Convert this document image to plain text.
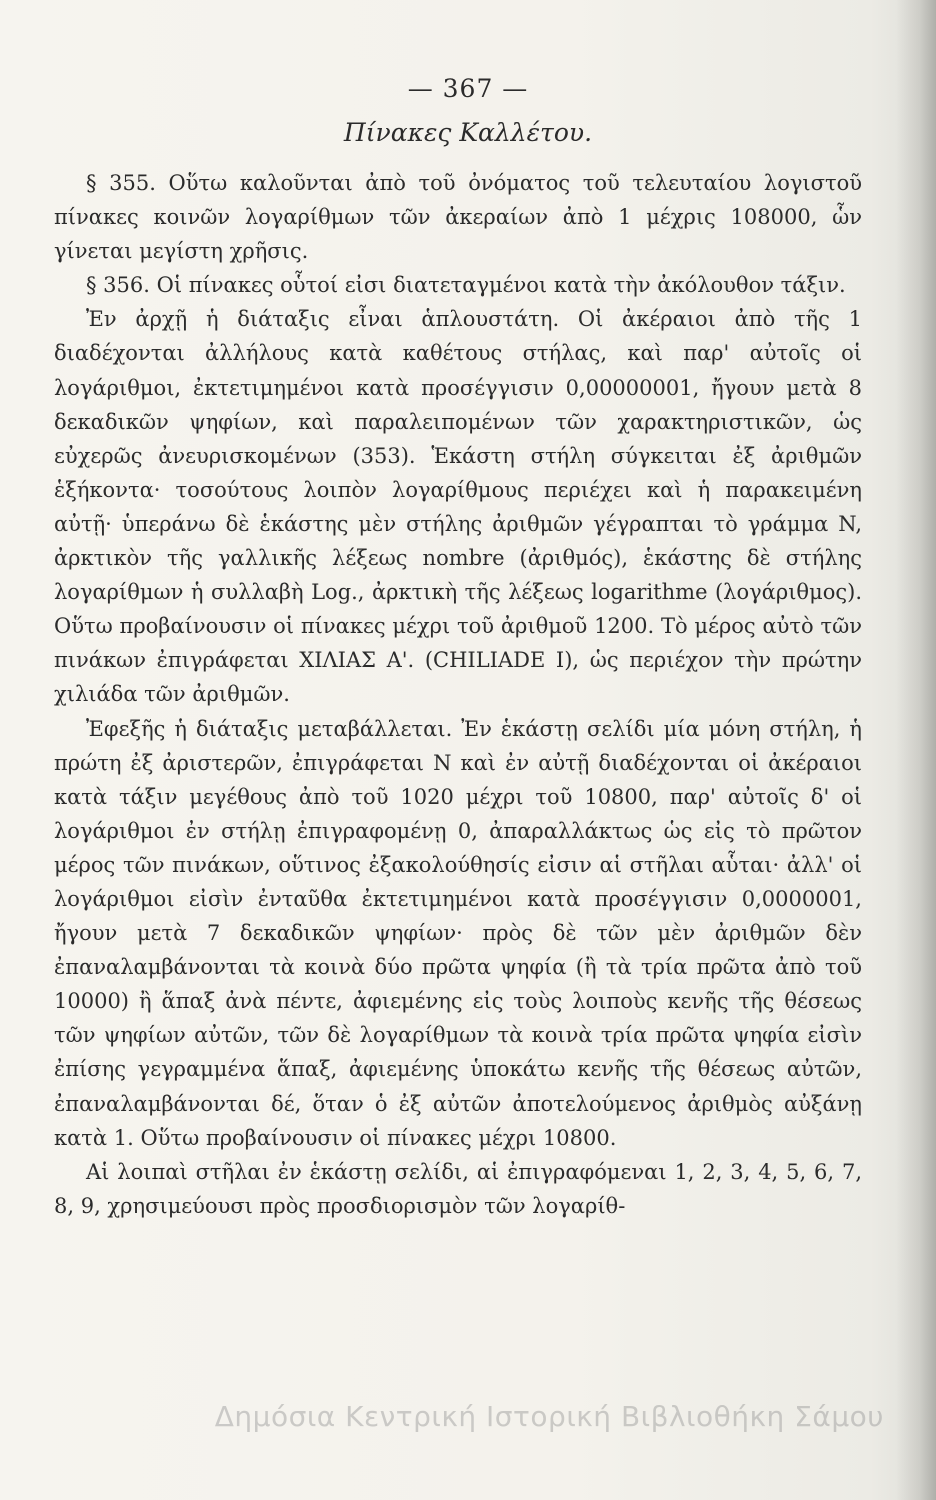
— 367 —
Πίνακες Καλλέτου.

§ 355. Οὕτω καλοῦνται ἀπὸ τοῦ ὀνόματος τοῦ τελευταίου λογιστοῦ πίνακες κοινῶν λογαρίθμων τῶν ἀκεραίων ἀπὸ 1 μέχρις 108000, ὧν γίνεται μεγίστη χρῆσις.

§ 356. Οἱ πίνακες οὗτοί εἰσι διατεταγμένοι κατὰ τὴν ἀκόλουθον τάξιν.

Ἐν ἀρχῇ ἡ διάταξις εἶναι ἁπλουστάτη. Οἱ ἀκέραιοι ἀπὸ τῆς 1 διαδέχονται ἀλλήλους κατὰ καθέτους στήλας, καὶ παρ' αὐτοῖς οἱ λογάριθμοι, ἐκτετιμημένοι κατὰ προσέγγισιν 0,00000001, ἤγουν μετὰ 8 δεκαδικῶν ψηφίων, καὶ παραλειπομένων τῶν χαρακτηριστικῶν, ὡς εὐχερῶς ἀνευρισκομένων (353). Ἑκάστη στήλη σύγκειται ἐξ ἀριθμῶν ἑξήκοντα· τοσούτους λοιπὸν λογαρίθμους περιέχει καὶ ἡ παρακειμένη αὐτῇ· ὑπεράνω δὲ ἑκάστης μὲν στήλης ἀριθμῶν γέγραπται τὸ γράμμα N, ἀρκτικὸν τῆς γαλλικῆς λέξεως nombre (ἀριθμός), ἑκάστης δὲ στήλης λογαρίθμων ἡ συλλαβὴ Log., ἀρκτικὴ τῆς λέξεως logarithme (λογάριθμος). Οὕτω προβαίνουσιν οἱ πίνακες μέχρι τοῦ ἀριθμοῦ 1200. Τὸ μέρος αὐτὸ τῶν πινάκων ἐπιγράφεται ΧΙΛΙΑΣ Α'. (CHILIADE I), ὡς περιέχον τὴν πρώτην χιλιάδα τῶν ἀριθμῶν.

Ἐφεξῆς ἡ διάταξις μεταβάλλεται. Ἐν ἑκάστῃ σελίδι μία μόνη στήλη, ἡ πρώτη ἐξ ἀριστερῶν, ἐπιγράφεται N καὶ ἐν αὐτῇ διαδέχονται οἱ ἀκέραιοι κατὰ τάξιν μεγέθους ἀπὸ τοῦ 1020 μέχρι τοῦ 10800, παρ' αὐτοῖς δ' οἱ λογάριθμοι ἐν στήλῃ ἐπιγραφομένῃ 0, ἀπαραλλάκτως ὡς εἰς τὸ πρῶτον μέρος τῶν πινάκων, οὕτινος ἐξακολούθησίς εἰσιν αἱ στῆλαι αὗται· ἀλλ' οἱ λογάριθμοι εἰσὶν ἐνταῦθα ἐκτετιμημένοι κατὰ προσέγγισιν 0,0000001, ἤγουν μετὰ 7 δεκαδικῶν ψηφίων· πρὸς δὲ τῶν μὲν ἀριθμῶν δὲν ἐπαναλαμβάνονται τὰ κοινὰ δύο πρῶτα ψηφία (ἢ τὰ τρία πρῶτα ἀπὸ τοῦ 10000) ἢ ἅπαξ ἀνὰ πέντε, ἀφιεμένης εἰς τοὺς λοιποὺς κενῆς τῆς θέσεως τῶν ψηφίων αὐτῶν, τῶν δὲ λογαρίθμων τὰ κοινὰ τρία πρῶτα ψηφία εἰσὶν ἐπίσης γεγραμμένα ἅπαξ, ἀφιεμένης ὑποκάτω κενῆς τῆς θέσεως αὐτῶν, ἐπαναλαμβάνονται δέ, ὅταν ὁ ἐξ αὐτῶν ἀποτελούμενος ἀριθμὸς αὐξάνῃ κατὰ 1. Οὕτω προβαίνουσιν οἱ πίνακες μέχρι 10800.

Αἱ λοιπαὶ στῆλαι ἐν ἑκάστῃ σελίδι, αἱ ἐπιγραφόμεναι 1, 2, 3, 4, 5, 6, 7, 8, 9, χρησιμεύουσι πρὸς προσδιορισμὸν τῶν λογαρίθ-

Δημόσια Κεντρική Ιστορική Βιβλιοθήκη Σάμου
